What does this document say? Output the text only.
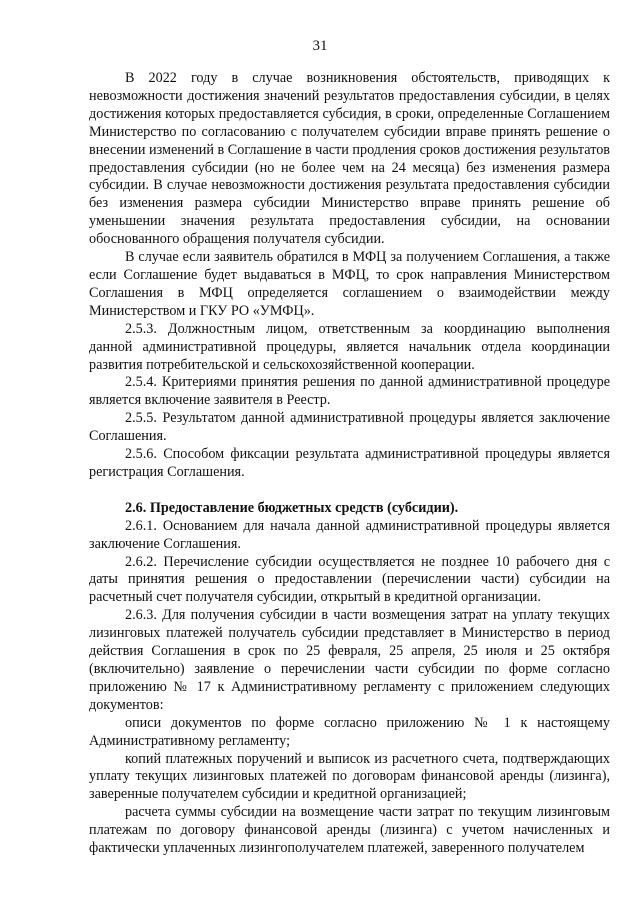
31

В 2022 году в случае возникновения обстоятельств, приводящих к невозможности достижения значений результатов предоставления субсидии, в целях достижения которых предоставляется субсидия, в сроки, определенные Соглашением Министерство по согласованию с получателем субсидии вправе принять решение о внесении изменений в Соглашение в части продления сроков достижения результатов предоставления субсидии (но не более чем на 24 месяца) без изменения размера субсидии. В случае невозможности достижения результата предоставления субсидии без изменения размера субсидии Министерство вправе принять решение об уменьшении значения результата предоставления субсидии, на основании обоснованного обращения получателя субсидии.

В случае если заявитель обратился в МФЦ за получением Соглашения, а также если Соглашение будет выдаваться в МФЦ, то срок направления Министерством Соглашения в МФЦ определяется соглашением о взаимодействии между Министерством и ГКУ РО «УМФЦ».

2.5.3. Должностным лицом, ответственным за координацию выполнения данной административной процедуры, является начальник отдела координации развития потребительской и сельскохозяйственной кооперации.

2.5.4. Критериями принятия решения по данной административной процедуре является включение заявителя в Реестр.

2.5.5. Результатом данной административной процедуры является заключение Соглашения.

2.5.6. Способом фиксации результата административной процедуры является регистрация Соглашения.

2.6. Предоставление бюджетных средств (субсидии).

2.6.1. Основанием для начала данной административной процедуры является заключение Соглашения.

2.6.2. Перечисление субсидии осуществляется не позднее 10 рабочего дня с даты принятия решения о предоставлении (перечислении части) субсидии на расчетный счет получателя субсидии, открытый в кредитной организации.

2.6.3. Для получения субсидии в части возмещения затрат на уплату текущих лизинговых платежей получатель субсидии представляет в Министерство в период действия Соглашения в срок по 25 февраля, 25 апреля, 25 июля и 25 октября (включительно) заявление о перечислении части субсидии по форме согласно приложению № 17 к Административному регламенту с приложением следующих документов:

описи документов по форме согласно приложению № 1 к настоящему Административному регламенту;

копий платежных поручений и выписок из расчетного счета, подтверждающих уплату текущих лизинговых платежей по договорам финансовой аренды (лизинга), заверенные получателем субсидии и кредитной организацией;

расчета суммы субсидии на возмещение части затрат по текущим лизинговым платежам по договору финансовой аренды (лизинга) с учетом начисленных и фактически уплаченных лизингополучателем платежей, заверенного получателем
